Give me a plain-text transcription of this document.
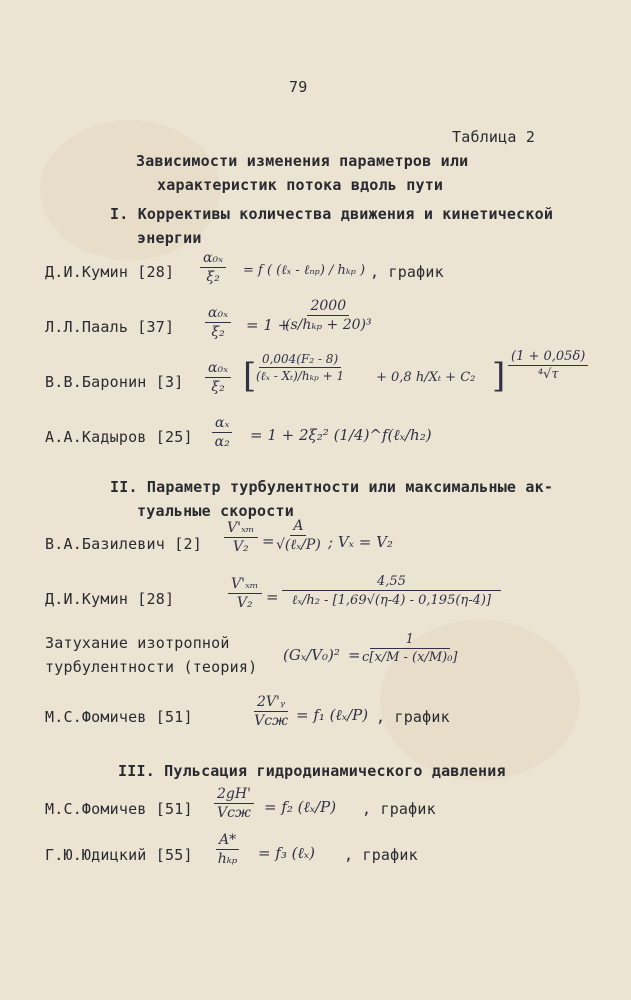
79
Таблица 2
Зависимости изменения параметров или
характеристик потока вдоль пути
I. Коррективы количества движения и кинетической
энергии
Д.И.Кумин $[28] \frac{\text{α₀ₓ}}{\text{ξ₂}} = f$ ( (ℓₓ - ℓₙₚ) / hₖₚ ) , график
Л.Л.Пааль $[37] \frac{\text{α₀ₓ}}{\text{ξ₂}} = 1$ +
2000
(s/hₖₚ + 20)³
В.В.Баронин $[3] \frac{\text{α₀ₓ}}{\text{ξ₂}}$ [ 0,004(F₂ - 8)
(ℓₓ - Xₜ)/hₖₚ + 1 + 0,8 h/Xₜ + C₂ ] $\frac{(1 + 0,05\delta)}{\text{⁴√τ}}$
А.А.Кадыров $[25] \frac{\text{αₓ}}{\text{α₂}} = 1 + 2\xi_2^2$ (1/4)^f(ℓₓ/h₂)
II. Параметр турбулентности или максимальные ак-
туальные скорости
В.А.Базилевич $[2] \frac{\text{V'ₓₘ}}{\text{V₂}}$ =
A
√(ℓₓ/P) ; Vₓ = V₂
Д.И.Кумин [28]	$\frac{\text{V'ₓₘ}}{\text{V₂}}$ =
4,55
ℓₓ/h₂ - [1,69√(η-4) - 0,195(η-4)]
Затухание изотропной
турбулентности (теория)
$(G_x/V_0)^2 = \frac{1}{\text{c[x/M - (x/M)₀]}}$
М.С.Фомичев [51]
2V'ᵧ
Vсж = f₁ (ℓₓ/P) , график
III. Пульсация гидродинамического давления
М.С.Фомичев [51]
2gH'
Vсж = f₂ (ℓₓ/P) , график
Г.Ю.Юдицкий [55]
A*
hₖₚ = f₃ (ℓₓ) , график
